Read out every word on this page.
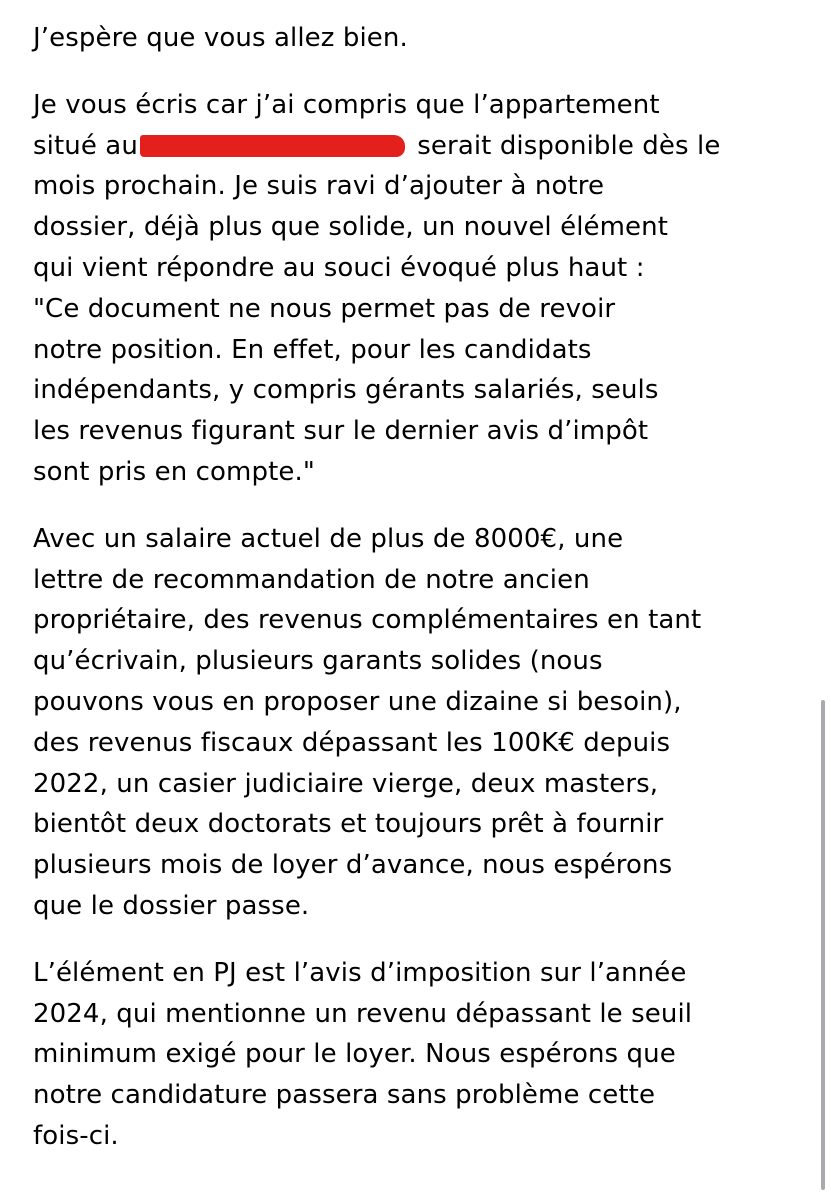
J’espère que vous allez bien.

Je vous écris car j’ai compris que l’appartement
situé au	serait disponible dès le
mois prochain. Je suis ravi d’ajouter à notre
dossier, déjà plus que solide, un nouvel élément
qui vient répondre au souci évoqué plus haut :
"Ce document ne nous permet pas de revoir
notre position. En effet, pour les candidats
indépendants, y compris gérants salariés, seuls
les revenus figurant sur le dernier avis d’impôt
sont pris en compte."

Avec un salaire actuel de plus de 8000€, une
lettre de recommandation de notre ancien
propriétaire, des revenus complémentaires en tant
qu’écrivain, plusieurs garants solides (nous
pouvons vous en proposer une dizaine si besoin),
des revenus fiscaux dépassant les 100K€ depuis
2022, un casier judiciaire vierge, deux masters,
bientôt deux doctorats et toujours prêt à fournir
plusieurs mois de loyer d’avance, nous espérons
que le dossier passe.

L’élément en PJ est l’avis d’imposition sur l’année
2024, qui mentionne un revenu dépassant le seuil
minimum exigé pour le loyer. Nous espérons que
notre candidature passera sans problème cette
fois-ci.
